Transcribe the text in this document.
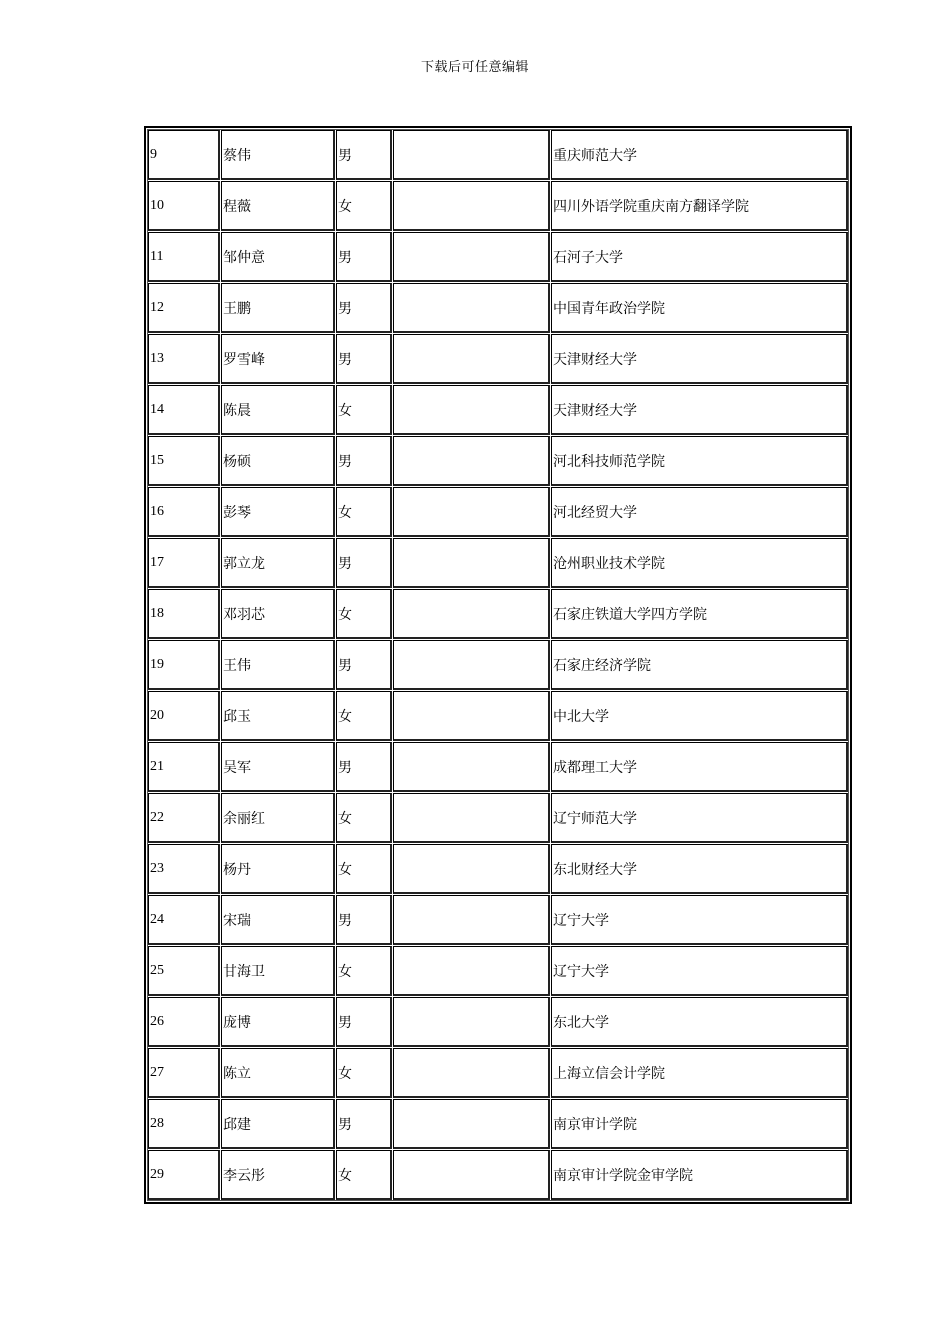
下载后可任意编辑
9	蔡伟	男		重庆师范大学
10	程薇	女		四川外语学院重庆南方翻译学院
11	邹仲意	男		石河子大学
12	王鹏	男		中国青年政治学院
13	罗雪峰	男		天津财经大学
14	陈晨	女		天津财经大学
15	杨硕	男		河北科技师范学院
16	彭琴	女		河北经贸大学
17	郭立龙	男		沧州职业技术学院
18	邓羽芯	女		石家庄铁道大学四方学院
19	王伟	男		石家庄经济学院
20	邱玉	女		中北大学
21	吴军	男		成都理工大学
22	余丽红	女		辽宁师范大学
23	杨丹	女		东北财经大学
24	宋瑞	男		辽宁大学
25	甘海卫	女		辽宁大学
26	庞博	男		东北大学
27	陈立	女		上海立信会计学院
28	邱建	男		南京审计学院
29	李云彤	女		南京审计学院金审学院
